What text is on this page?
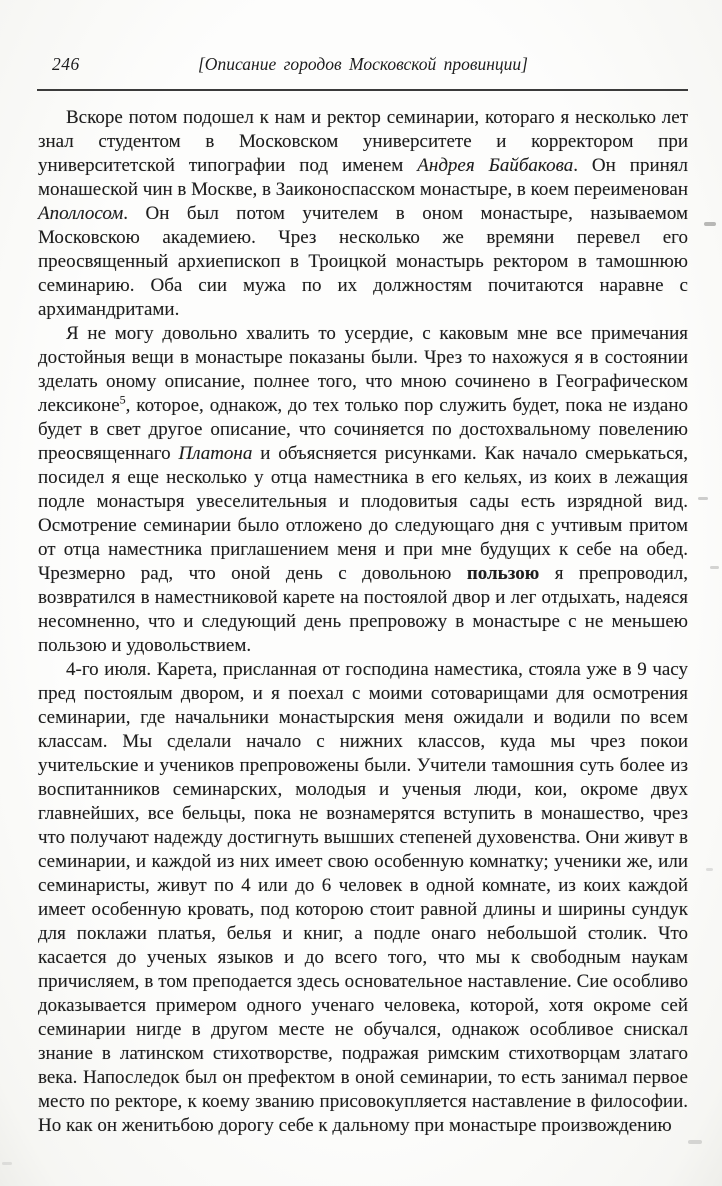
246	[Описание городов Московской провинции]

Вскоре потом подошел к нам и ректор семинарии, котораго я несколько лет знал студентом в Московском университете и корректором при университетской типографии под именем Андрея Байбакова. Он принял монашеской чин в Москве, в Заиконоспасском монастыре, в коем переименован Аполлосом. Он был потом учителем в оном монастыре, называемом Московскою академиею. Чрез несколько же времяни перевел его преосвященный архиепископ в Троицкой монастырь ректором в тамошнюю семинарию. Оба сии мужа по их должностям почитаются наравне с архимандритами.

Я не могу довольно хвалить то усердие, с каковым мне все примечания достойныя вещи в монастыре показаны были. Чрез то нахожуся я в состоянии зделать оному описание, полнее того, что мною сочинено в Географическом лексиконе$^5$, которое, однакож, до тех только пор служить будет, пока не издано будет в свет другое описание, что сочиняется по достохвальному повелению преосвященнаго Платона и объясняется рисунками. Как начало смерькаться, посидел я еще несколько у отца наместника в его кельях, из коих в лежащия подле монастыря увеселительныя и плодовитыя сады есть изрядной вид. Осмотрение семинарии было отложено до следующаго дня с учтивым притом от отца наместника приглашением меня и при мне будущих к себе на обед. Чрезмерно рад, что оной день с довольною пользою я препроводил, возвратился в наместниковой карете на постоялой двор и лег отдыхать, надеяся несомненно, что и следующий день препровожу в монастыре с не меньшею пользою и удовольствием.

4-го июля. Карета, присланная от господина наместика, стояла уже в 9 часу пред постоялым двором, и я поехал с моими сотоварищами для осмотрения семинарии, где начальники монастырския меня ожидали и водили по всем классам. Мы сделали начало с нижних классов, куда мы чрез покои учительские и учеников препровожены были. Учители тамошния суть более из воспитанников семинарских, молодыя и ученыя люди, кои, окроме двух главнейших, все бельцы, пока не вознамерятся вступить в монашество, чрез что получают надежду достигнуть вышших степеней духовенства. Они живут в семинарии, и каждой из них имеет свою особенную комнатку; ученики же, или семинаристы, живут по 4 или до 6 человек в одной комнате, из коих каждой имеет особенную кровать, под которою стоит равной длины и ширины сундук для поклажи платья, белья и книг, а подле онаго небольшой столик. Что касается до ученых языков и до всего того, что мы к свободным наукам причисляем, в том преподается здесь основательное наставление. Сие особливо доказывается примером одного ученаго человека, которой, хотя окроме сей семинарии нигде в другом месте не обучался, однакож особливое снискал знание в латинском стихотворстве, подражая римским стихотворцам златаго века. Напоследок был он префектом в оной семинарии, то есть занимал первое место по ректоре, к коему званию присовокупляется наставление в философии. Но как он женитьбою дорогу себе к дальному при монастыре произвождению
